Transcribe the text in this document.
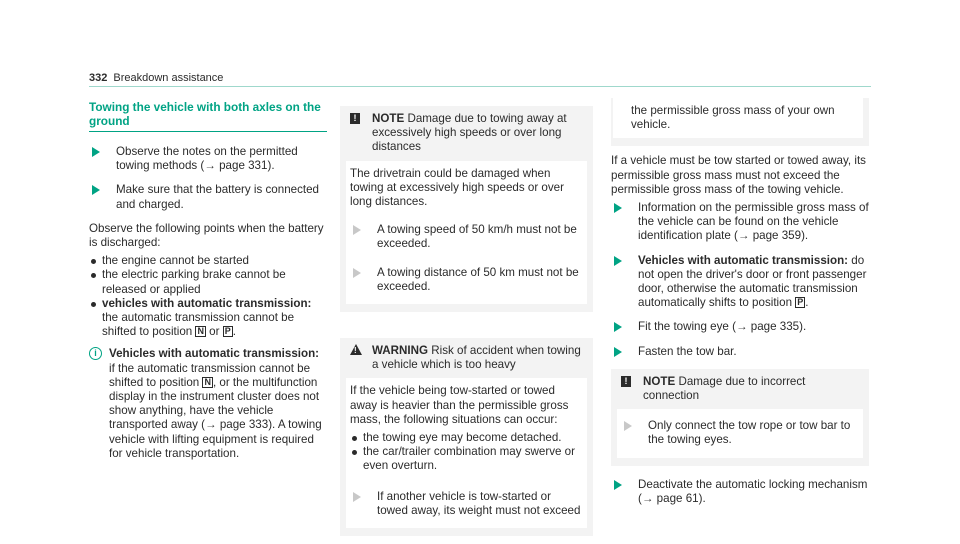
332 Breakdown assistance
Towing the vehicle with both axles on the ground
Observe the notes on the permitted towing methods (→ page 331).
Make sure that the battery is connected and charged.

Observe the following points when the battery is discharged:

the engine cannot be started
the electric parking brake cannot be released or applied
vehicles with automatic transmission: the automatic transmission cannot be shifted to position N or P .
i	Vehicles with automatic transmission: if the automatic transmission cannot be shifted to position N , or the multifunction display in the instrument cluster does not show anything, have the vehicle transported away (→ page 333). A towing vehicle with lifting equipment is required for vehicle transportation.
!	NOTE Damage due to towing away at excessively high speeds or over long distances

The drivetrain could be damaged when towing at excessively high speeds or over long distances.

A towing speed of 50 km/h must not be exceeded.
A towing distance of 50 km must not be exceeded.
! WARNING Risk of accident when towing a vehicle which is too heavy

If the vehicle being tow-started or towed away is heavier than the permissible gross mass, the following situations can occur:

the towing eye may become detached.
the car/trailer combination may swerve or even overturn.
If another vehicle is tow-started or towed away, its weight must not exceed
the permissible gross mass of your own vehicle.

If a vehicle must be tow started or towed away, its permissible gross mass must not exceed the permissible gross mass of the towing vehicle.

Information on the permissible gross mass of the vehicle can be found on the vehicle identification plate (→ page 359).
Vehicles with automatic transmission: do not open the driver's door or front passenger door, otherwise the automatic transmission automatically shifts to position P .
Fit the towing eye (→ page 335).
Fasten the tow bar.
!	NOTE Damage due to incorrect connection
Only connect the tow rope or tow bar to the towing eyes.
Deactivate the automatic locking mechanism (→ page 61).
